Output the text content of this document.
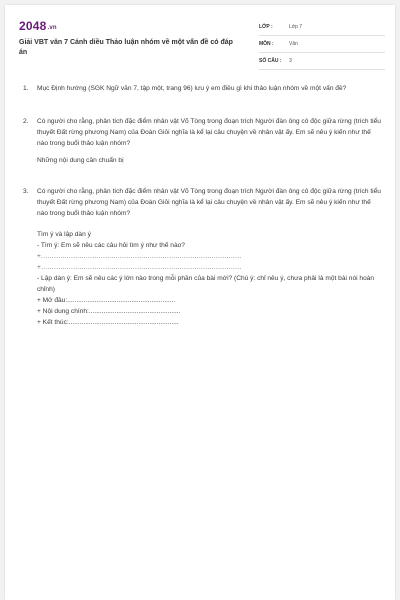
2048.vn
Giải VBT văn 7 Cánh diều Thảo luận nhóm về một vấn đề có đáp án
LỚP :	Lớp 7
MÔN :	Văn
SỐ CÂU : 3
1. Mục Định hướng (SGK Ngữ văn 7, tập một, trang 96) lưu ý em điều gì khi thảo luận nhóm về một vấn đề?
2. Có người cho rằng, phân tích đặc điểm nhân vật Võ Tòng trong đoạn trích Người đàn ông cô độc giữa rừng (trích tiểu thuyết Đất rừng phương Nam) của Đoàn Giỏi nghĩa là kể lại câu chuyện về nhân vật ấy. Em sẽ nêu ý kiến như thế nào trong buổi thảo luận nhóm?
Những nội dung cần chuẩn bị
3. Có người cho rằng, phân tích đặc điểm nhân vật Võ Tòng trong đoạn trích Người đàn ông cô độc giữa rừng (trích tiểu thuyết Đất rừng phương Nam) của Đoàn Giỏi nghĩa là kể lại câu chuyện về nhân vật ấy. Em sẽ nêu ý kiến như thế nào trong buổi thảo luận nhóm?
Tìm ý và lập dàn ý
- Tìm ý: Em sẽ nêu các câu hỏi tìm ý như thế nào?
+..............................................................................................
+..............................................................................................
- Lập dàn ý: Em sẽ nêu các ý lớn nào trong mỗi phần của bài mới? (Chú ý: chỉ nêu ý, chưa phải là một bài nói hoàn chỉnh)
+ Mở đầu:...........................................................
+ Nội dung chính:..................................................
+ Kết thúc:............................................................
